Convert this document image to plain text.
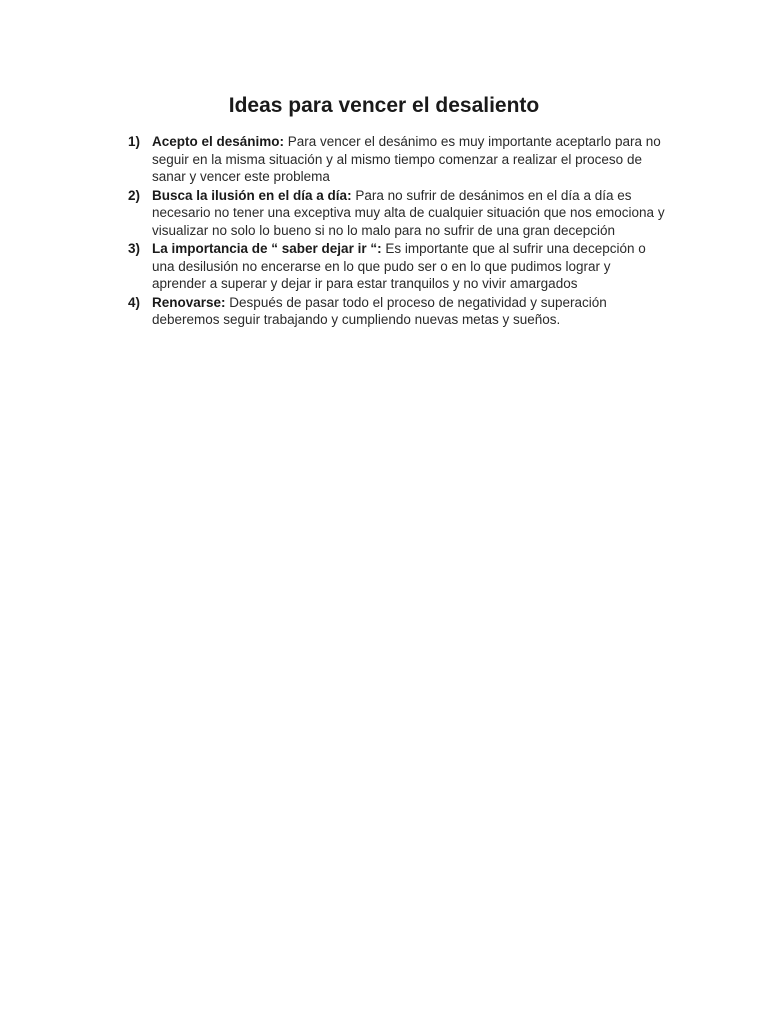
Ideas para vencer el desaliento
1) Acepto el desánimo: Para vencer el desánimo es muy importante aceptarlo para no seguir en la misma situación y al mismo tiempo comenzar a realizar el proceso de sanar y vencer este problema
2) Busca la ilusión en el día a día: Para no sufrir de desánimos en el día a día es necesario no tener una exceptiva muy alta de cualquier situación que nos emociona y visualizar no solo lo bueno si no lo malo para no sufrir de una gran decepción
3) La importancia de “ saber dejar ir “: Es importante que al sufrir una decepción o una desilusión no encerarse en lo que pudo ser o en lo que pudimos lograr y aprender a superar y dejar ir para estar tranquilos y no vivir amargados
4) Renovarse: Después de pasar todo el proceso de negatividad y superación deberemos seguir trabajando y cumpliendo nuevas metas y sueños.
